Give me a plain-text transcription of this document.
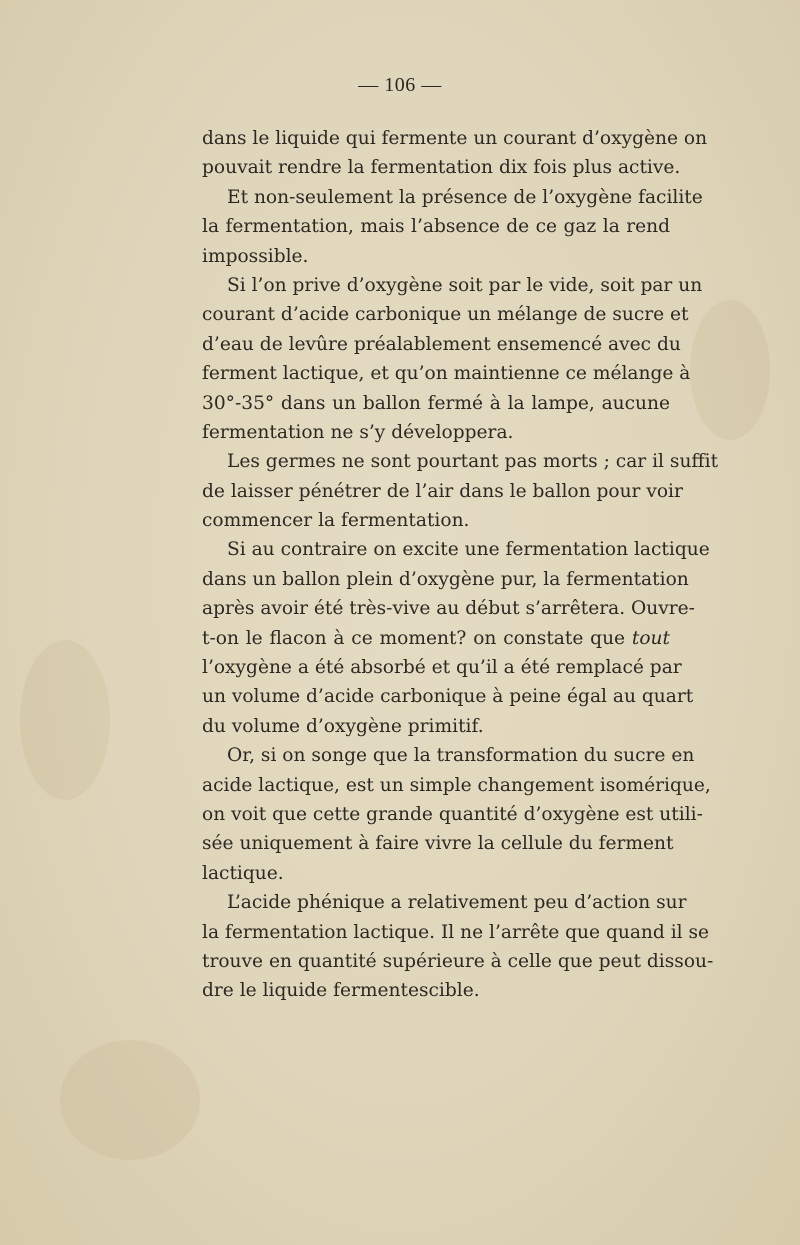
— 106 —
dans le liquide qui fermente un courant d’oxygène on
pouvait rendre la fermentation dix fois plus active.
Et non-seulement la présence de l’oxygène facilite
la fermentation, mais l’absence de ce gaz la rend
impossible.
Si l’on prive d’oxygène soit par le vide, soit par un
courant d’acide carbonique un mélange de sucre et
d’eau de levûre préalablement ensemencé avec du
ferment lactique, et qu’on maintienne ce mélange à
30°-35° dans un ballon fermé à la lampe, aucune
fermentation ne s’y développera.
Les germes ne sont pourtant pas morts ; car il suffit
de laisser pénétrer de l’air dans le ballon pour voir
commencer la fermentation.
Si au contraire on excite une fermentation lactique
dans un ballon plein d’oxygène pur, la fermentation
après avoir été très-vive au début s’arrêtera. Ouvre-
t-on le flacon à ce moment? on constate que tout
l’oxygène a été absorbé et qu’il a été remplacé par
un volume d’acide carbonique à peine égal au quart
du volume d’oxygène primitif.
Or, si on songe que la transformation du sucre en
acide lactique, est un simple changement isomérique,
on voit que cette grande quantité d’oxygène est utili-
sée uniquement à faire vivre la cellule du ferment
lactique.
L’acide phénique a relativement peu d’action sur
la fermentation lactique. Il ne l’arrête que quand il se
trouve en quantité supérieure à celle que peut dissou-
dre le liquide fermentescible.
